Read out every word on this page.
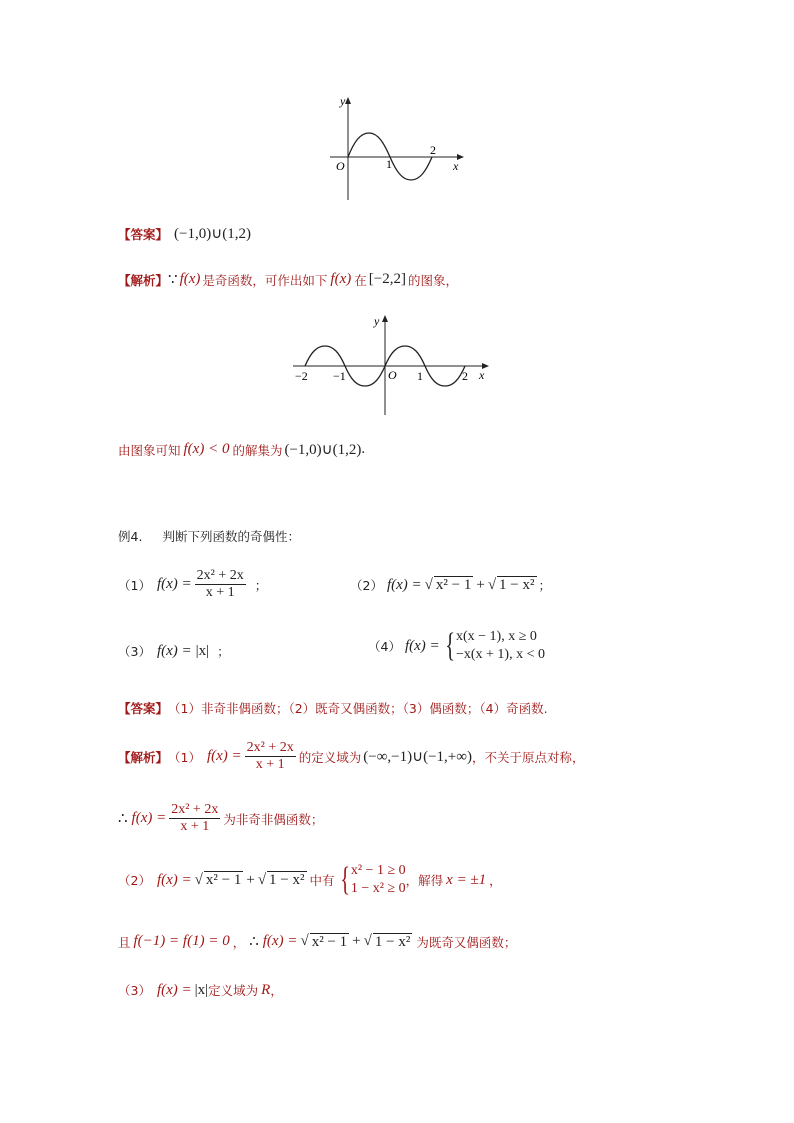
y
x
O	1
2
【答案】 (−1,0)∪(1,2)
【解析】 ∵ f(x) 是奇函数，可作出如下 f(x) 在 [−2,2] 的图象，
y
x
O
−2 −1	1	2
由图象可知 f(x) < 0 的解集为 (−1,0)∪(1,2) .
例4. 判断下列函数的奇偶性：
（1） $f(x) = \frac{\text{2x² + 2x}}{x + 1}$ ；	（2） f(x) = √ x² − 1 + √ 1 − x² ；
（3） f(x) = |x| ；	（4） f(x) = { x(x − 1), x ≥ 0
−x(x + 1), x < 0
【答案】 （1）非奇非偶函数；（2）既奇又偶函数；（3）偶函数；（4）奇函数.
【解析】 （1） $f(x) = \frac{\text{2x² + 2x}}{x + 1}$ 的定义域为 (−∞,−1)∪(−1,+∞) ，不关于原点对称，
∴ $f(x) = \frac{\text{2x² + 2x}}{x + 1}$ 为非奇非偶函数；
（2） f(x) = √ x² − 1 + √ 1 − x² 中有 { x² − 1 ≥ 0
1 − x² ≥ 0
，解得 x = ±1 ，
且 f(−1) = f(1) = 0 ， ∴ f(x) = √ x² − 1 + √ 1 − x² 为既奇又偶函数；
（3） f(x) = |x| 定义域为 R ，
